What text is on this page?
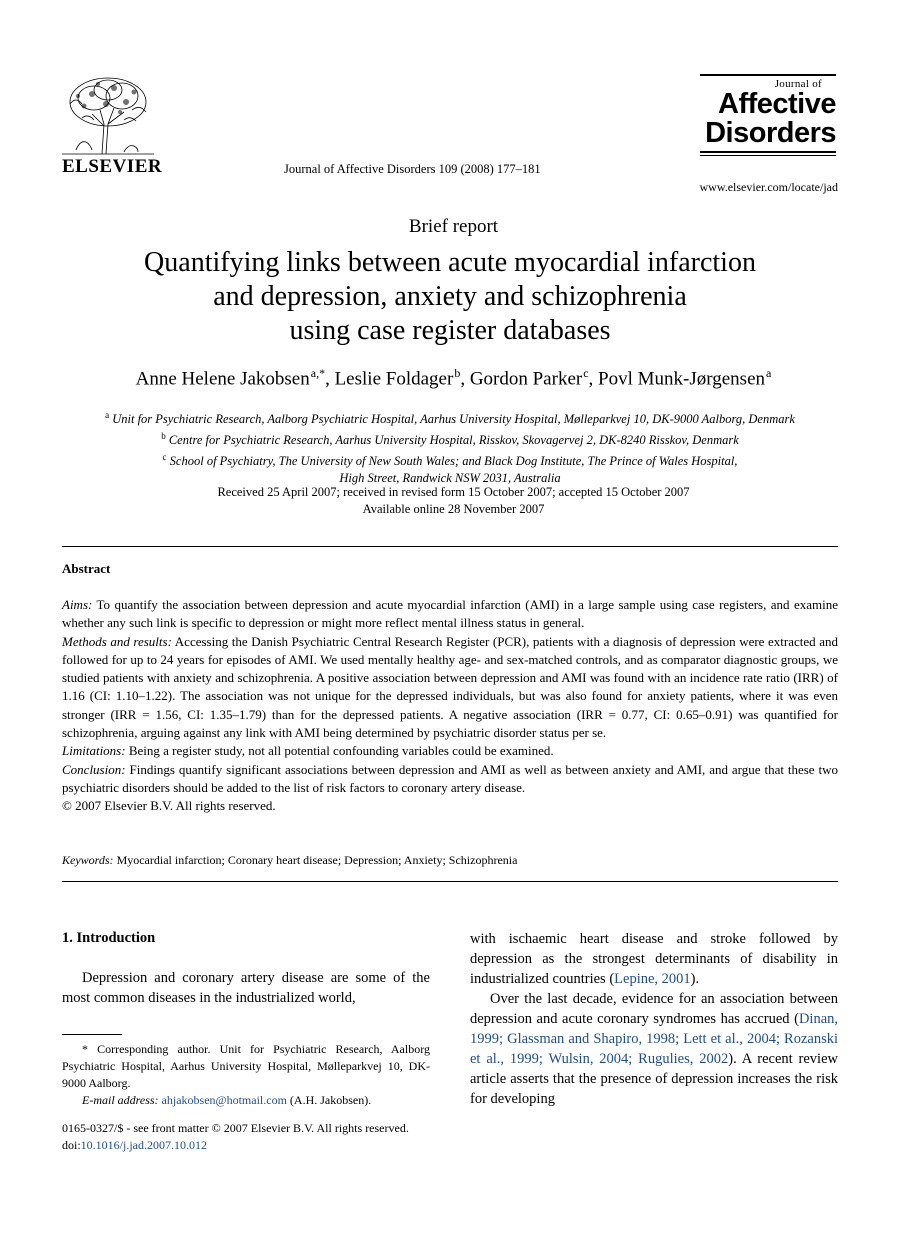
ELSEVIER	Journal of Affective Disorders 109 (2008) 177–181
Journal of
Affective
Disorders
www.elsevier.com/locate/jad
Brief report
Quantifying links between acute myocardial infarction
and depression, anxiety and schizophrenia
using case register databases
Anne Helene Jakobsen $^{a,*}$, Leslie Foldager $^b$, Gordon Parker $^c$, Povl Munk-Jørgensen $^a$
$^a$ Unit for Psychiatric Research, Aalborg Psychiatric Hospital, Aarhus University Hospital, Mølleparkvej 10, DK-9000 Aalborg, Denmark
$^b$ Centre for Psychiatric Research, Aarhus University Hospital, Risskov, Skovagervej 2, DK-8240 Risskov, Denmark
$^c$ School of Psychiatry, The University of New South Wales; and Black Dog Institute, The Prince of Wales Hospital,
High Street, Randwick NSW 2031, Australia
Received 25 April 2007; received in revised form 15 October 2007; accepted 15 October 2007
Available online 28 November 2007
Abstract

Aims: To quantify the association between depression and acute myocardial infarction (AMI) in a large sample using case registers, and examine whether any such link is specific to depression or might more reflect mental illness status in general.

Methods and results: Accessing the Danish Psychiatric Central Research Register (PCR), patients with a diagnosis of depression were extracted and followed for up to 24 years for episodes of AMI. We used mentally healthy age- and sex-matched controls, and as comparator diagnostic groups, we studied patients with anxiety and schizophrenia. A positive association between depression and AMI was found with an incidence rate ratio (IRR) of 1.16 (CI: 1.10–1.22). The association was not unique for the depressed individuals, but was also found for anxiety patients, where it was even stronger (IRR = 1.56, CI: 1.35–1.79) than for the depressed patients. A negative association (IRR = 0.77, CI: 0.65–0.91) was quantified for schizophrenia, arguing against any link with AMI being determined by psychiatric disorder status per se.

Limitations: Being a register study, not all potential confounding variables could be examined.

Conclusion: Findings quantify significant associations between depression and AMI as well as between anxiety and AMI, and argue that these two psychiatric disorders should be added to the list of risk factors to coronary artery disease.

© 2007 Elsevier B.V. All rights reserved.

Keywords: Myocardial infarction; Coronary heart disease; Depression; Anxiety; Schizophrenia
1. Introduction

Depression and coronary artery disease are some of the most common diseases in the industrialized world,

with ischaemic heart disease and stroke followed by depression as the strongest determinants of disability in industrialized countries (Lepine, 2001).

Over the last decade, evidence for an association between depression and acute coronary syndromes has accrued (Dinan, 1999; Glassman and Shapiro, 1998; Lett et al., 2004; Rozanski et al., 1999; Wulsin, 2004; Rugulies, 2002). A recent review article asserts that the presence of depression increases the risk for developing

* Corresponding author. Unit for Psychiatric Research, Aalborg Psychiatric Hospital, Aarhus University Hospital, Mølleparkvej 10, DK-9000 Aalborg.

E-mail address: ahjakobsen@hotmail.com (A.H. Jakobsen).

0165-0327/$ - see front matter © 2007 Elsevier B.V. All rights reserved.
doi:10.1016/j.jad.2007.10.012
